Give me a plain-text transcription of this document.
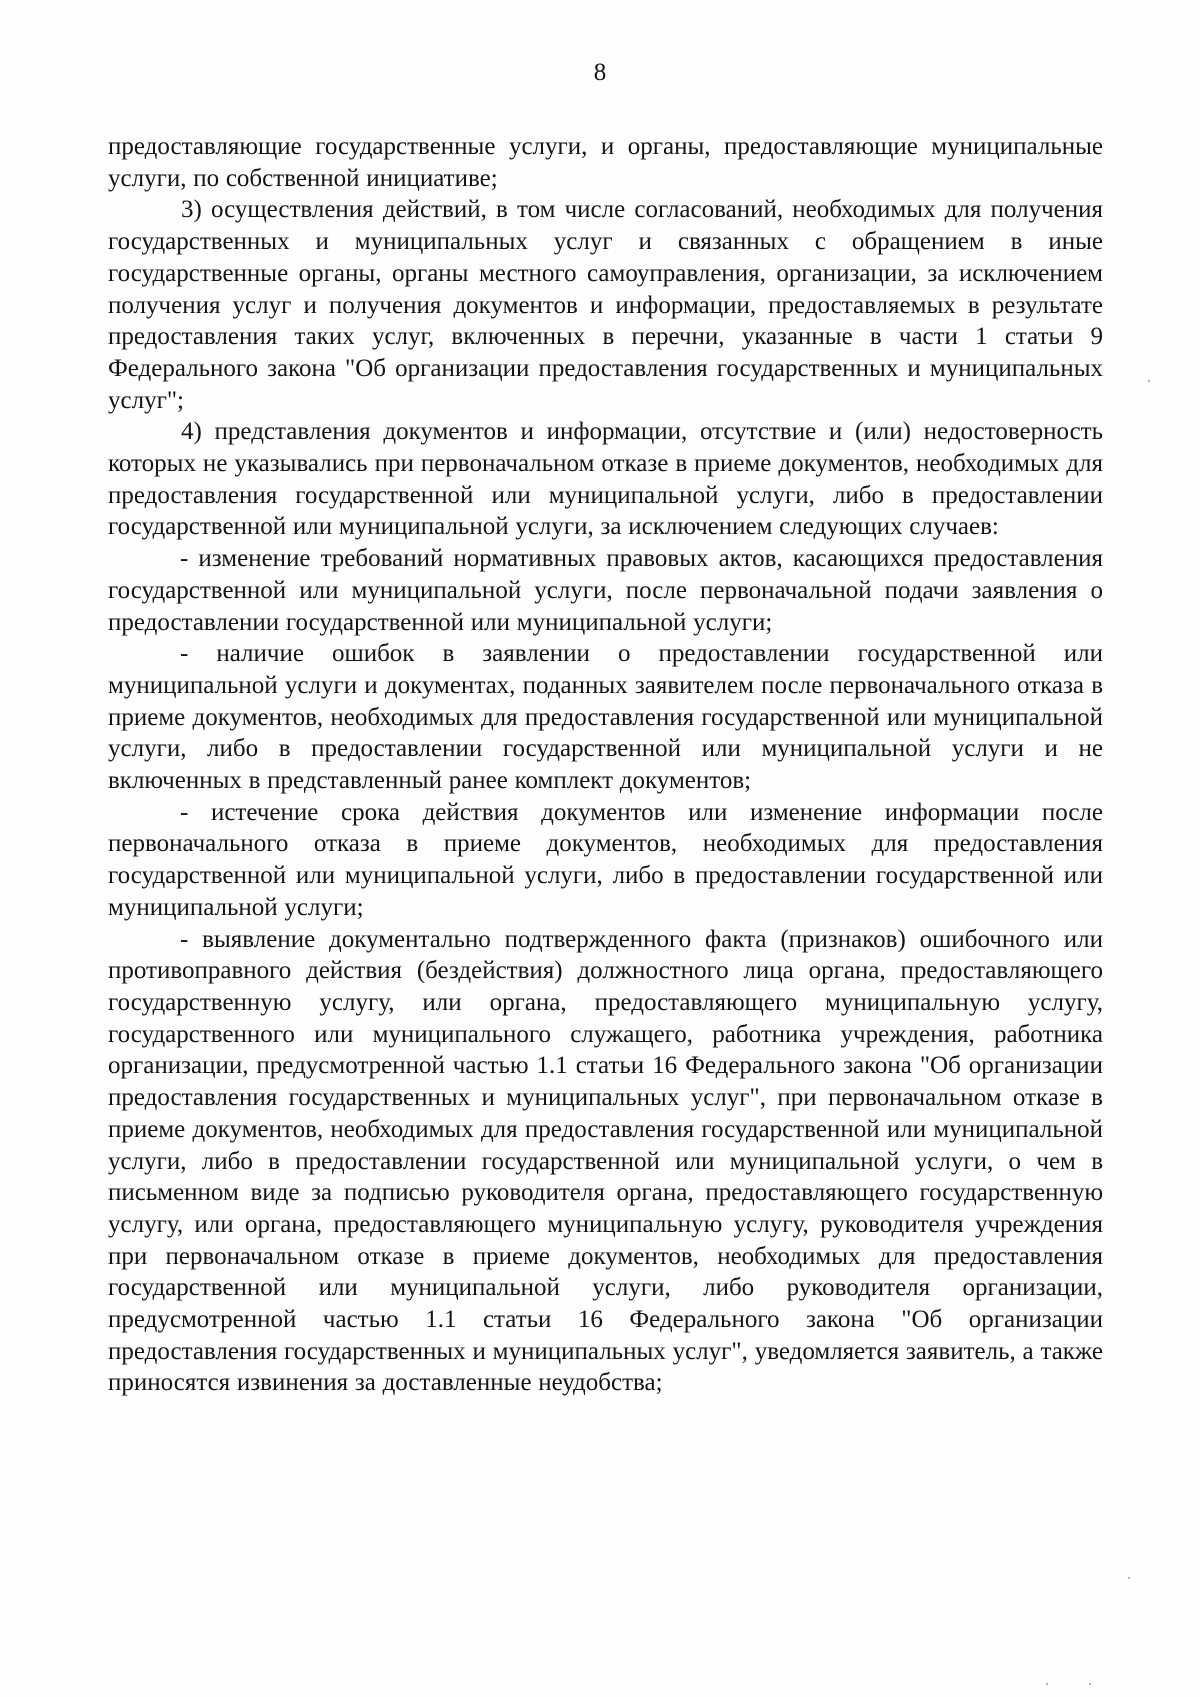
8

предоставляющие государственные услуги, и органы, предоставляющие муниципальные услуги, по собственной инициативе;

3) осуществления действий, в том числе согласований, необходимых для получения государственных и муниципальных услуг и связанных с обращением в иные государственные органы, органы местного самоуправления, организации, за исключением получения услуг и получения документов и информации, предоставляемых в результате предоставления таких услуг, включенных в перечни, указанные в части 1 статьи 9 Федерального закона "Об организации предоставления государственных и муниципальных услуг";

4) представления документов и информации, отсутствие и (или) недостоверность которых не указывались при первоначальном отказе в приеме документов, необходимых для предоставления государственной или муниципальной услуги, либо в предоставлении государственной или муниципальной услуги, за исключением следующих случаев:

- изменение требований нормативных правовых актов, касающихся предоставления государственной или муниципальной услуги, после первоначальной подачи заявления о предоставлении государственной или муниципальной услуги;

- наличие ошибок в заявлении о предоставлении государственной или муниципальной услуги и документах, поданных заявителем после первоначального отказа в приеме документов, необходимых для предоставления государственной или муниципальной услуги, либо в предоставлении государственной или муниципальной услуги и не включенных в представленный ранее комплект документов;

- истечение срока действия документов или изменение информации после первоначального отказа в приеме документов, необходимых для предоставления государственной или муниципальной услуги, либо в предоставлении государственной или муниципальной услуги;

- выявление документально подтвержденного факта (признаков) ошибочного или противоправного действия (бездействия) должностного лица органа, предоставляющего государственную услугу, или органа, предоставляющего муниципальную услугу, государственного или муниципального служащего, работника учреждения, работника организации, предусмотренной частью 1.1 статьи 16 Федерального закона "Об организации предоставления государственных и муниципальных услуг", при первоначальном отказе в приеме документов, необходимых для предоставления государственной или муниципальной услуги, либо в предоставлении государственной или муниципальной услуги, о чем в письменном виде за подписью руководителя органа, предоставляющего государственную услугу, или органа, предоставляющего муниципальную услугу, руководителя учреждения при первоначальном отказе в приеме документов, необходимых для предоставления государственной или муниципальной услуги, либо руководителя организации, предусмотренной частью 1.1 статьи 16 Федерального закона "Об организации предоставления государственных и муниципальных услуг", уведомляется заявитель, а также приносятся извинения за доставленные неудобства;
